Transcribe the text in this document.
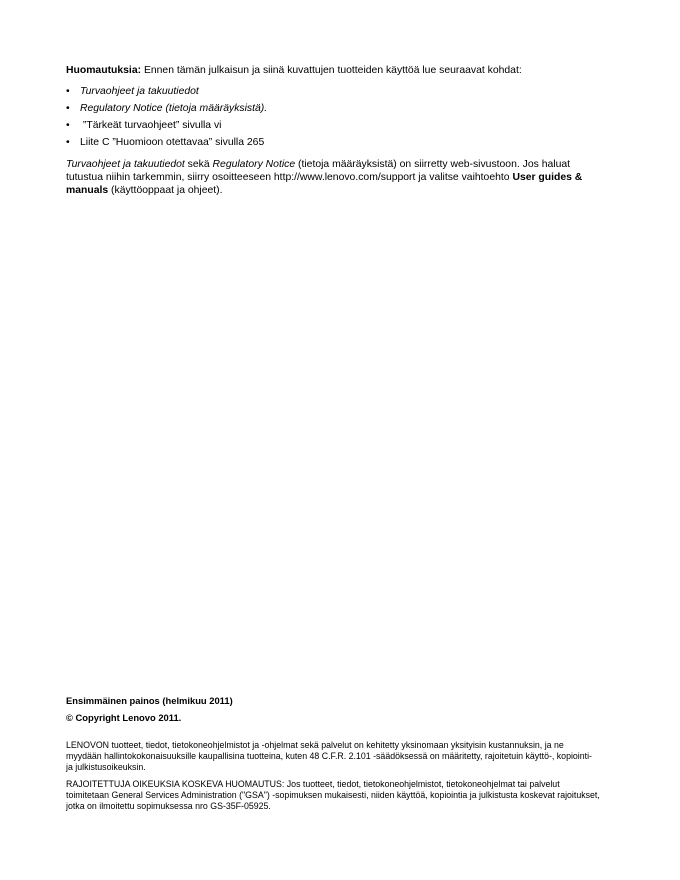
Huomautuksia: Ennen tämän julkaisun ja siinä kuvattujen tuotteiden käyttöä lue seuraavat kohdat:

• Turvaohjeet ja takuutiedot
• Regulatory Notice (tietoja määräyksistä).
• ”Tärkeät turvaohjeet” sivulla vi
• Liite C ”Huomioon otettavaa” sivulla 265

Turvaohjeet ja takuutiedot sekä Regulatory Notice (tietoja määräyksistä) on siirretty web-sivustoon. Jos haluat tutustua niihin tarkemmin, siirry osoitteeseen http://www.lenovo.com/support ja valitse vaihtoehto User guides & manuals (käyttöoppaat ja ohjeet).

Ensimmäinen painos (helmikuu 2011)

© Copyright Lenovo 2011.

LENOVON tuotteet, tiedot, tietokoneohjelmistot ja -ohjelmat sekä palvelut on kehitetty yksinomaan yksityisin kustannuksin, ja ne myydään hallintokokonaisuuksille kaupallisina tuotteina, kuten 48 C.F.R. 2.101 -säädöksessä on määritetty, rajoitetuin käyttö-, kopiointi- ja julkistusoikeuksin.

RAJOITETTUJA OIKEUKSIA KOSKEVA HUOMAUTUS: Jos tuotteet, tiedot, tietokoneohjelmistot, tietokoneohjelmat tai palvelut toimitetaan General Services Administration ("GSA") -sopimuksen mukaisesti, niiden käyttöä, kopiointia ja julkistusta koskevat rajoitukset, jotka on ilmoitettu sopimuksessa nro GS-35F-05925.
